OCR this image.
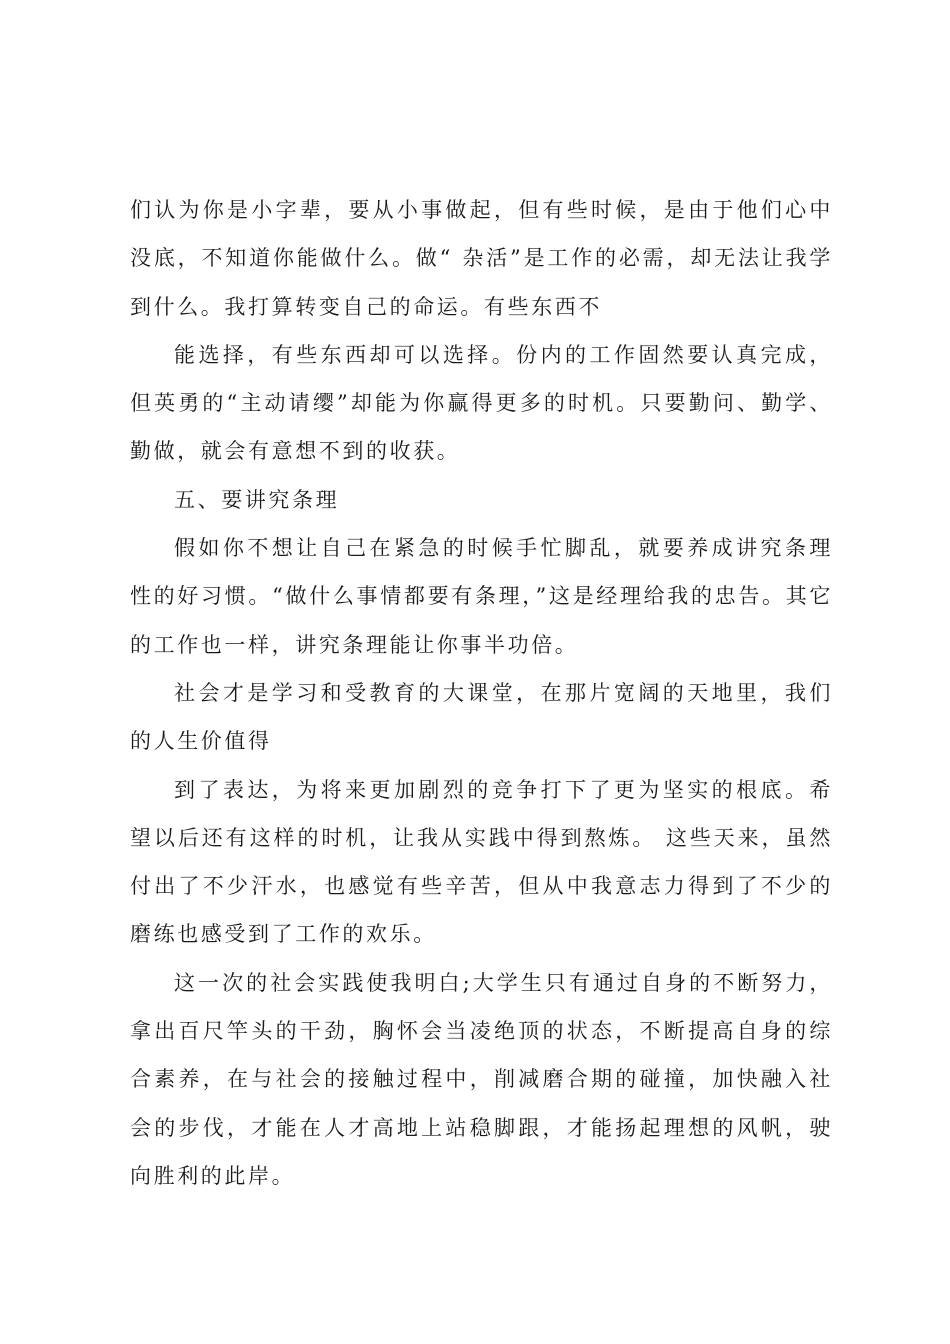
们认为你是小字辈，要从小事做起，但有些时候，是由于他们心中没底，不知道你能做什么。做“ 杂活”是工作的必需，却无法让我学到什么。我打算转变自己的命运。有些东西不

能选择，有些东西却可以选择。份内的工作固然要认真完成，但英勇的“主动请缨”却能为你赢得更多的时机。只要勤问、勤学、勤做，就会有意想不到的收获。

五、要讲究条理

假如你不想让自己在紧急的时候手忙脚乱，就要养成讲究条理性的好习惯。“做什么事情都要有条理，”这是经理给我的忠告。其它的工作也一样，讲究条理能让你事半功倍。

社会才是学习和受教育的大课堂，在那片宽阔的天地里，我们的人生价值得

到了表达，为将来更加剧烈的竞争打下了更为坚实的根底。希望以后还有这样的时机，让我从实践中得到熬炼。 这些天来，虽然付出了不少汗水，也感觉有些辛苦，但从中我意志力得到了不少的磨练也感受到了工作的欢乐。

这一次的社会实践使我明白;大学生只有通过自身的不断努力，拿出百尺竿头的干劲，胸怀会当凌绝顶的状态，不断提高自身的综合素养，在与社会的接触过程中，削减磨合期的碰撞，加快融入社会的步伐，才能在人才高地上站稳脚跟，才能扬起理想的风帆，驶向胜利的此岸。
